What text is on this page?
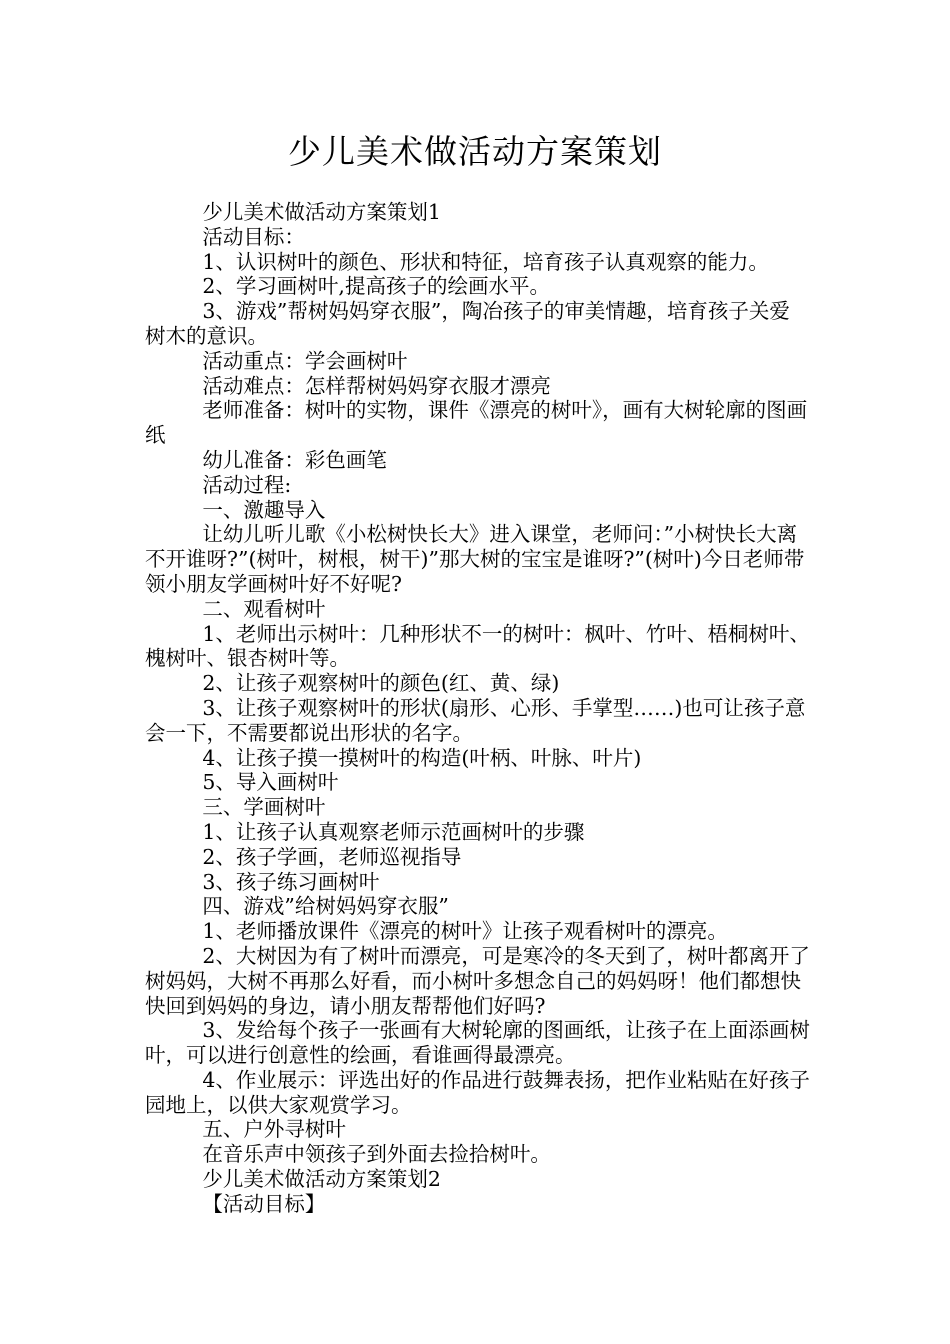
少儿美术做活动方案策划

少儿美术做活动方案策划1

活动目标：

1、认识树叶的颜色、形状和特征，培育孩子认真观察的能力。

2、学习画树叶,提高孩子的绘画水平。

3、游戏”帮树妈妈穿衣服”，陶冶孩子的审美情趣，培育孩子关爱树木的意识。

活动重点：学会画树叶

活动难点：怎样帮树妈妈穿衣服才漂亮

老师准备：树叶的实物，课件《漂亮的树叶》，画有大树轮廓的图画纸

幼儿准备：彩色画笔

活动过程:

一、激趣导入

让幼儿听儿歌《小松树快长大》进入课堂，老师问：”小树快长大离不开谁呀?”(树叶，树根，树干)”那大树的宝宝是谁呀?”(树叶)今日老师带领小朋友学画树叶好不好呢?

二、观看树叶

1、老师出示树叶：几种形状不一的树叶：枫叶、竹叶、梧桐树叶、槐树叶、银杏树叶等。

2、让孩子观察树叶的颜色(红、黄、绿)

3、让孩子观察树叶的形状(扇形、心形、手掌型……)也可让孩子意会一下，不需要都说出形状的名字。

4、让孩子摸一摸树叶的构造(叶柄、叶脉、叶片)

5、导入画树叶

三、学画树叶

1、让孩子认真观察老师示范画树叶的步骤

2、孩子学画，老师巡视指导

3、孩子练习画树叶

四、游戏”给树妈妈穿衣服”

1、老师播放课件《漂亮的树叶》让孩子观看树叶的漂亮。

2、大树因为有了树叶而漂亮，可是寒冷的冬天到了，树叶都离开了树妈妈，大树不再那么好看，而小树叶多想念自己的妈妈呀！他们都想快快回到妈妈的身边，请小朋友帮帮他们好吗?

3、发给每个孩子一张画有大树轮廓的图画纸，让孩子在上面添画树叶，可以进行创意性的绘画，看谁画得最漂亮。

4、作业展示：评选出好的作品进行鼓舞表扬，把作业粘贴在好孩子园地上，以供大家观赏学习。

五、户外寻树叶

在音乐声中领孩子到外面去捡拾树叶。

少儿美术做活动方案策划2

【活动目标】
